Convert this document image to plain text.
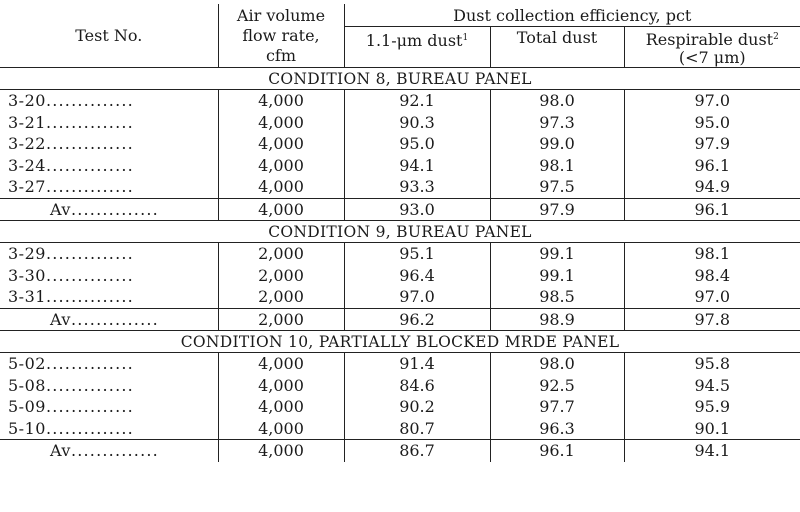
Test No.	Air volume
flow rate,
cfm	Dust collection efficiency, pct		
		1.1-μm dust$^1$	Total dust	Respirable dust$^2$
(<7 μm)

CONDITION 8, BUREAU PANEL				
3-20..............	4,000	92.1	98.0	97.0
3-21..............	4,000	90.3	97.3	95.0
3-22..............	4,000	95.0	99.0	97.9
3-24..............	4,000	94.1	98.1	96.1
3-27..............	4,000	93.3	97.5	94.9
Av..............	4,000	93.0	97.9	96.1
CONDITION 9, BUREAU PANEL				
3-29..............	2,000	95.1	99.1	98.1
3-30..............	2,000	96.4	99.1	98.4
3-31..............	2,000	97.0	98.5	97.0
Av..............	2,000	96.2	98.9	97.8
CONDITION 10, PARTIALLY BLOCKED MRDE PANEL				
5-02..............	4,000	91.4	98.0	95.8
5-08..............	4,000	84.6	92.5	94.5
5-09..............	4,000	90.2	97.7	95.9
5-10..............	4,000	80.7	96.3	90.1
Av..............	4,000	86.7	96.1	94.1
